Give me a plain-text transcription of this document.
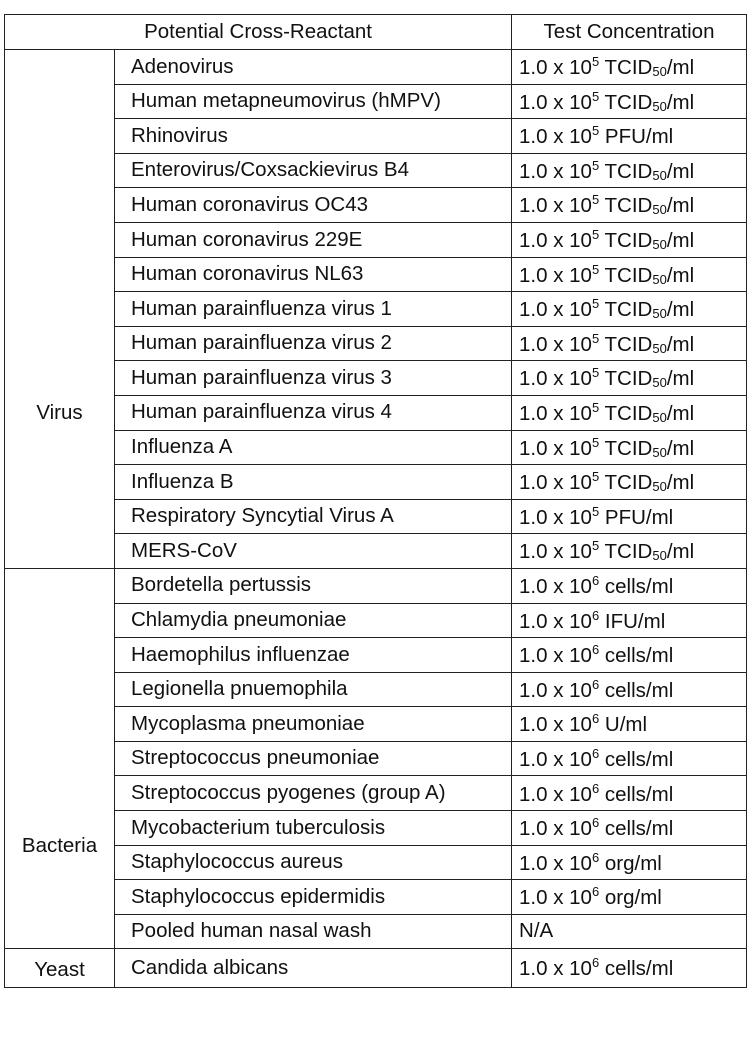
Potential Cross-Reactant		Test Concentration

Virus	Adenovirus	1.0 x $10^5$ TCID50/ml
	Human metapneumovirus (hMPV)	1.0 x $10^5$ TCID50/ml
	Rhinovirus	1.0 x $10^5$ PFU/ml
	Enterovirus/Coxsackievirus B4	1.0 x $10^5$ TCID50/ml
	Human coronavirus OC43	1.0 x $10^5$ TCID50/ml
	Human coronavirus 229E	1.0 x $10^5$ TCID50/ml
	Human coronavirus NL63	1.0 x $10^5$ TCID50/ml
	Human parainfluenza virus 1	1.0 x $10^5$ TCID50/ml
	Human parainfluenza virus 2	1.0 x $10^5$ TCID50/ml
	Human parainfluenza virus 3	1.0 x $10^5$ TCID50/ml
	Human parainfluenza virus 4	1.0 x $10^5$ TCID50/ml
	Influenza A	1.0 x $10^5$ TCID50/ml
	Influenza B	1.0 x $10^5$ TCID50/ml
	Respiratory Syncytial Virus A	1.0 x $10^5$ PFU/ml
	MERS-CoV	1.0 x $10^5$ TCID50/ml

Bacteria	Bordetella pertussis	1.0 x $10^6$ cells/ml
	Chlamydia pneumoniae	1.0 x $10^6$ IFU/ml
	Haemophilus influenzae	1.0 x $10^6$ cells/ml
	Legionella pnuemophila	1.0 x $10^6$ cells/ml
	Mycoplasma pneumoniae	1.0 x $10^6$ U/ml
	Streptococcus pneumoniae	1.0 x $10^6$ cells/ml
	Streptococcus pyogenes (group A)	1.0 x $10^6$ cells/ml
	Mycobacterium tuberculosis	1.0 x $10^6$ cells/ml
	Staphylococcus aureus	1.0 x $10^6$ org/ml
	Staphylococcus epidermidis	1.0 x $10^6$ org/ml
	Pooled human nasal wash	N/A

Yeast	Candida albicans	1.0 x $10^6$ cells/ml
